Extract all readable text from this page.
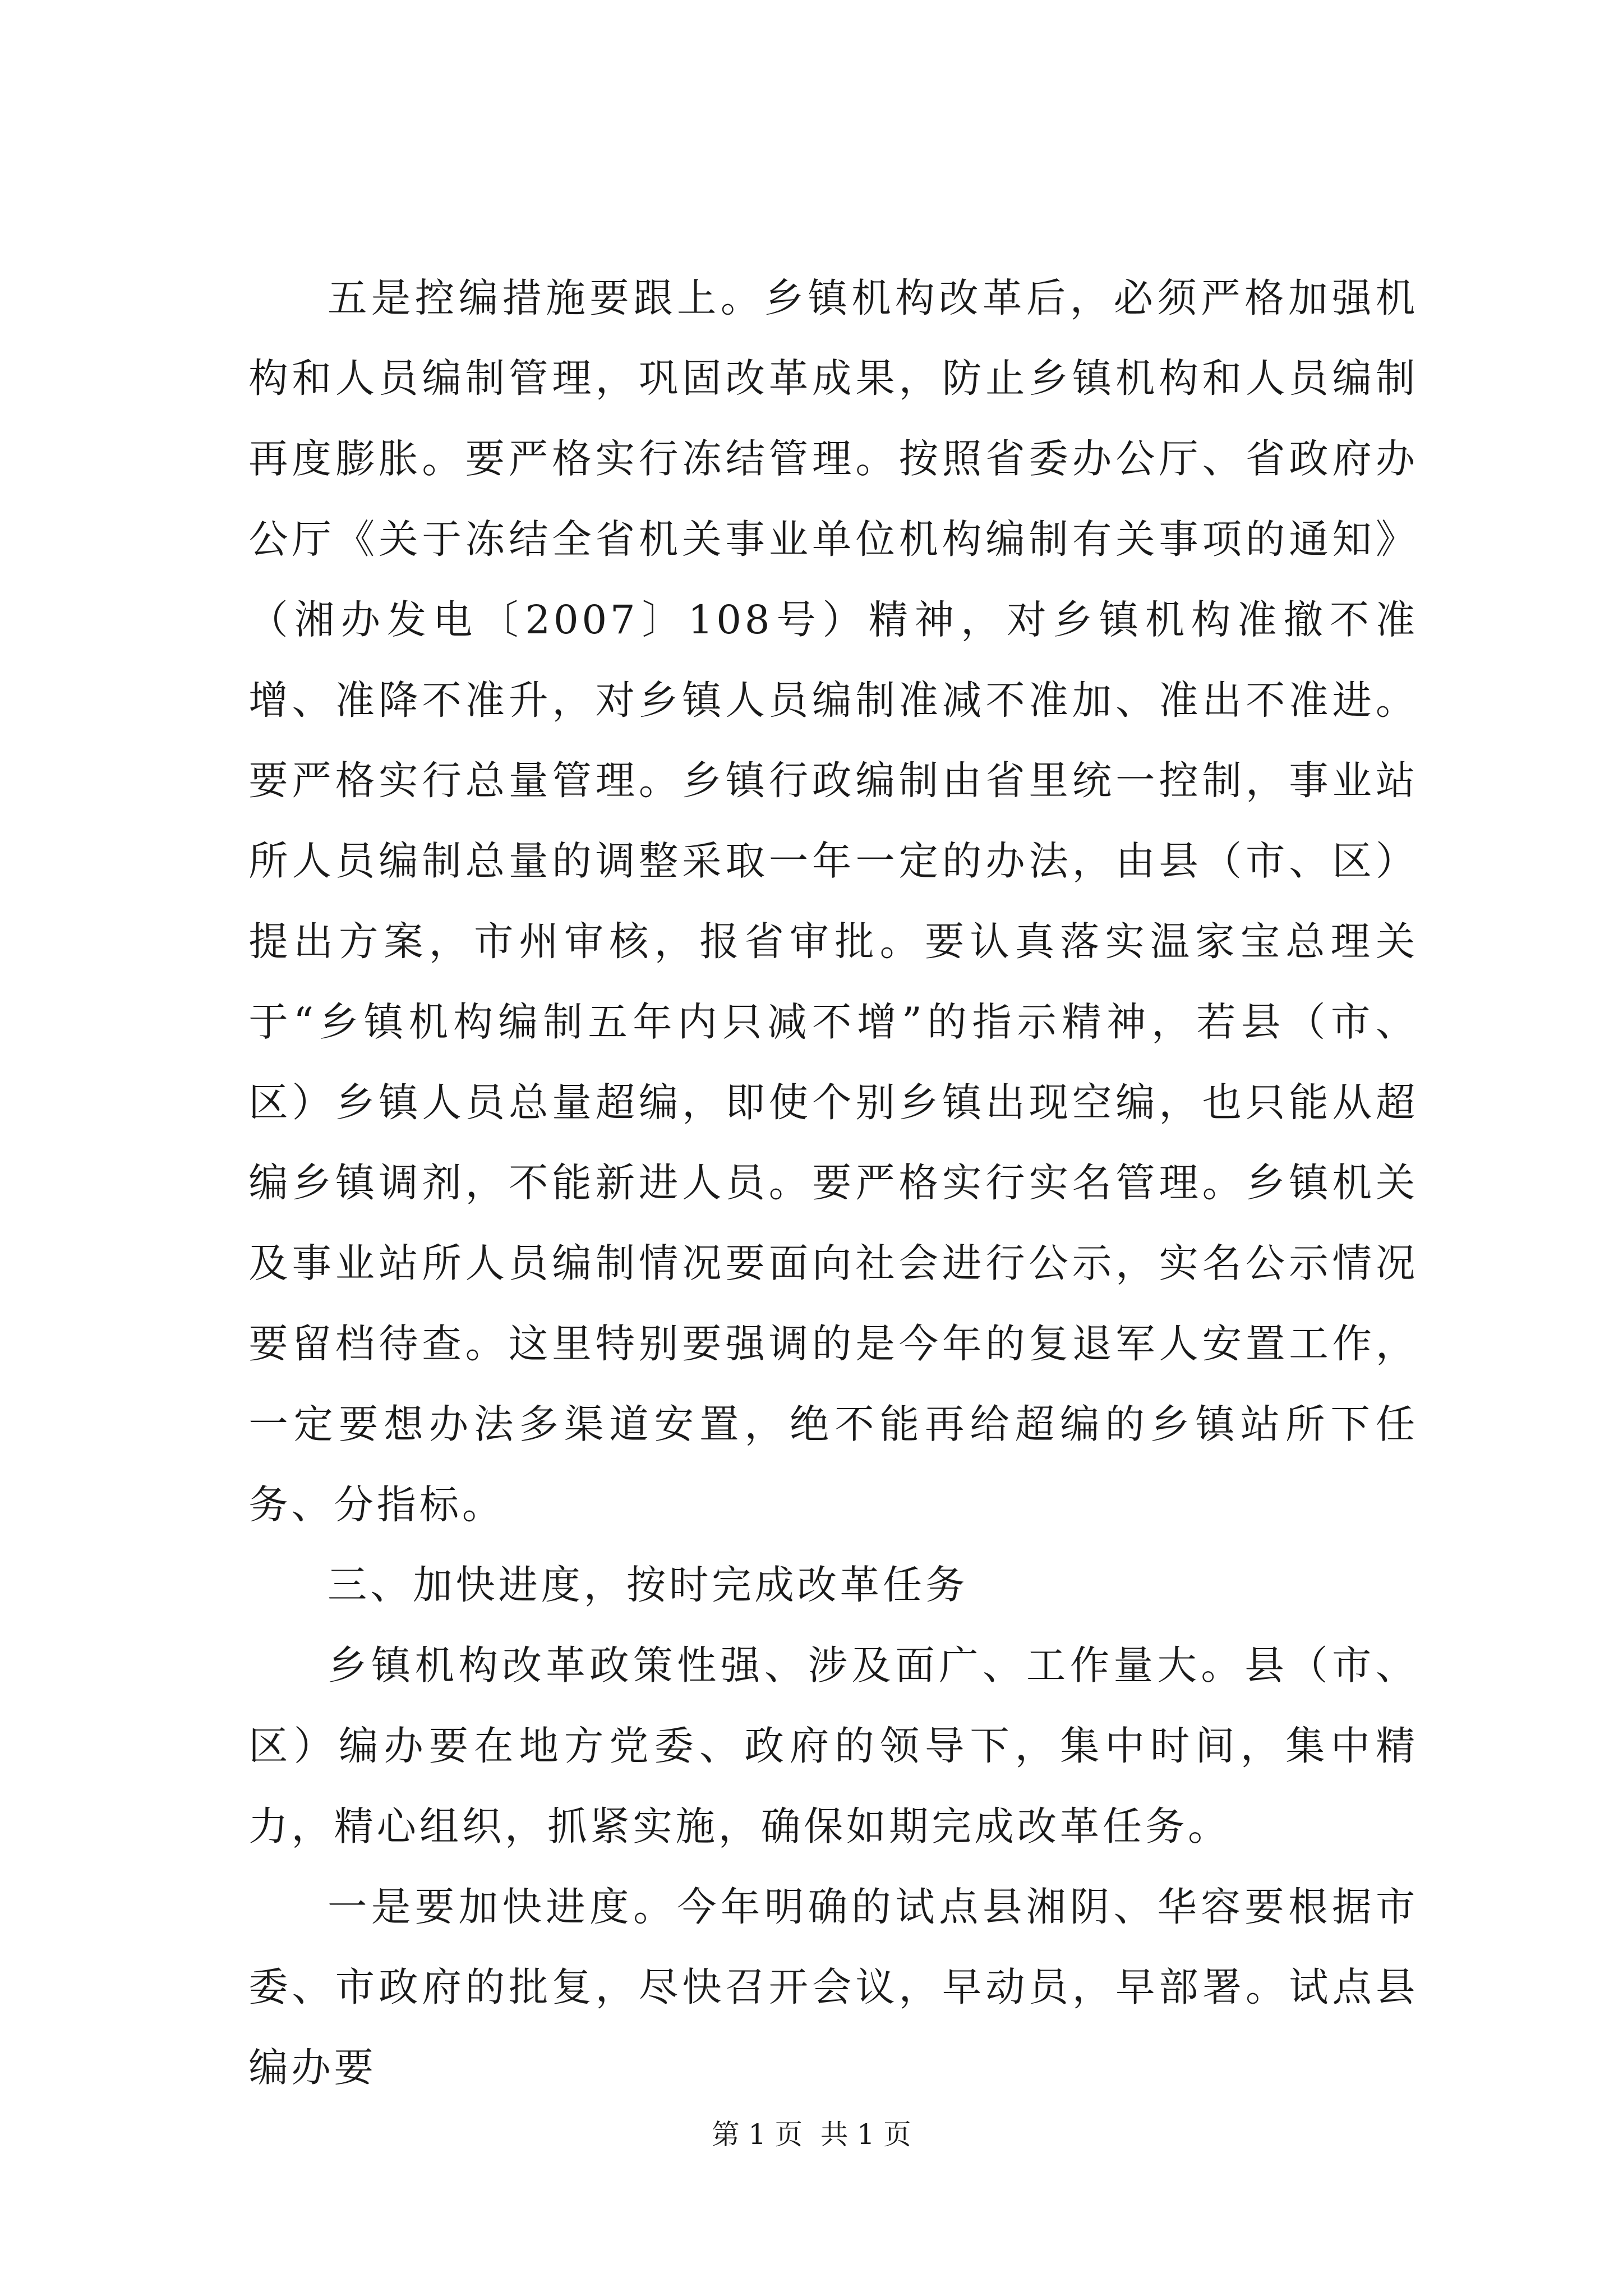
五是控编措施要跟上。乡镇机构改革后，必须严格加强机构和人员编制管理，巩固改革成果，防止乡镇机构和人员编制再度膨胀。要严格实行冻结管理。按照省委办公厅、省政府办公厅《关于冻结全省机关事业单位机构编制有关事项的通知》（湘办发电〔2007〕108号）精神，对乡镇机构准撤不准增、准降不准升，对乡镇人员编制准减不准加、准出不准进。要严格实行总量管理。乡镇行政编制由省里统一控制，事业站所人员编制总量的调整采取一年一定的办法，由县（市、区）提出方案，市州审核，报省审批。要认真落实温家宝总理关于“乡镇机构编制五年内只减不增”的指示精神，若县（市、区）乡镇人员总量超编，即使个别乡镇出现空编，也只能从超编乡镇调剂，不能新进人员。要严格实行实名管理。乡镇机关及事业站所人员编制情况要面向社会进行公示，实名公示情况要留档待查。这里特别要强调的是今年的复退军人安置工作，一定要想办法多渠道安置，绝不能再给超编的乡镇站所下任务、分指标。

三、加快进度，按时完成改革任务

乡镇机构改革政策性强、涉及面广、工作量大。县（市、区）编办要在地方党委、政府的领导下，集中时间，集中精力，精心组织，抓紧实施，确保如期完成改革任务。

一是要加快进度。今年明确的试点县湘阴、华容要根据市委、市政府的批复，尽快召开会议，早动员，早部署。试点县编办要

第 1 页  共 1 页
